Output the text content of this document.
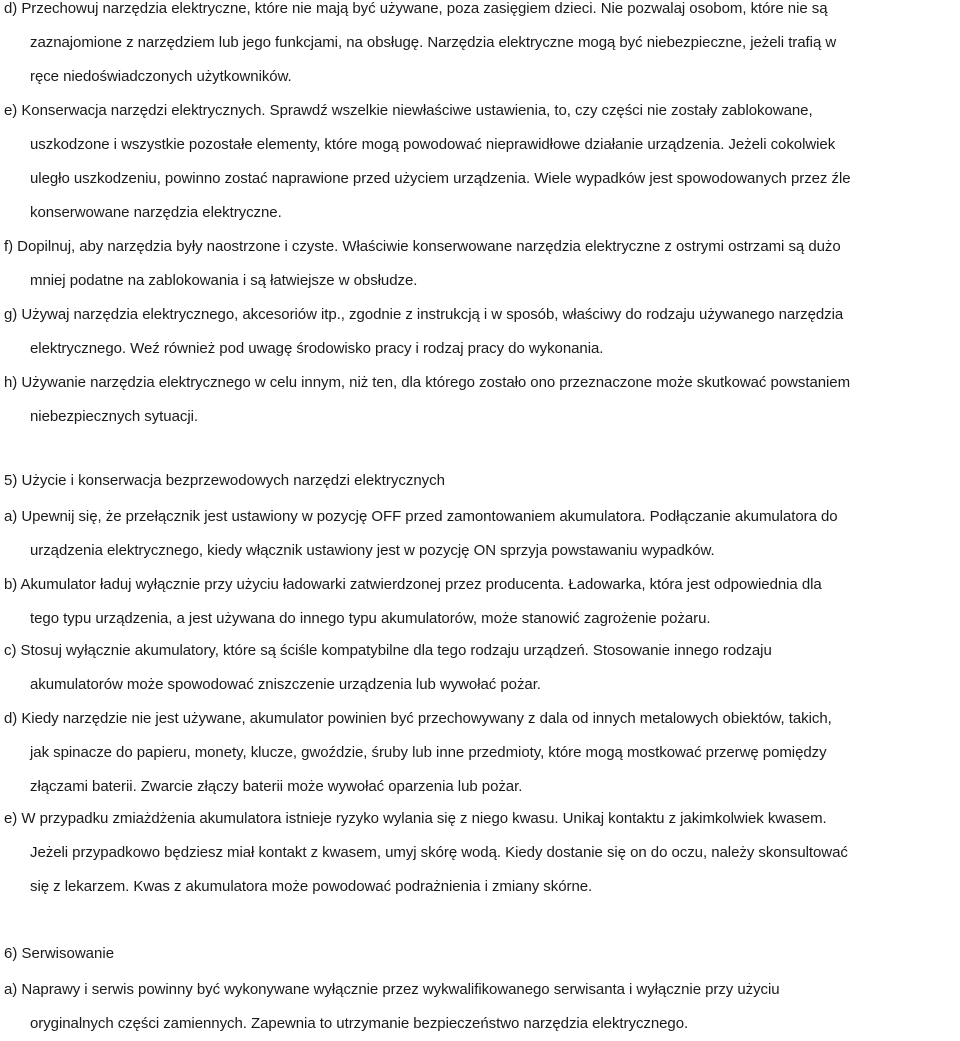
d) Przechowuj narzędzia elektryczne, które nie mają być używane, poza zasięgiem dzieci. Nie pozwalaj osobom, które nie są
zaznajomione z narzędziem lub jego funkcjami, na obsługę. Narzędzia elektryczne mogą być niebezpieczne, jeżeli trafią w
ręce niedoświadczonych użytkowników.

e) Konserwacja narzędzi elektrycznych. Sprawdź wszelkie niewłaściwe ustawienia, to, czy części nie zostały zablokowane,
uszkodzone i wszystkie pozostałe elementy, które mogą powodować nieprawidłowe działanie urządzenia. Jeżeli cokolwiek
uległo uszkodzeniu, powinno zostać naprawione przed użyciem urządzenia. Wiele wypadków jest spowodowanych przez źle
konserwowane narzędzia elektryczne.

f) Dopilnuj, aby narzędzia były naostrzone i czyste. Właściwie konserwowane narzędzia elektryczne z ostrymi ostrzami są dużo
mniej podatne na zablokowania i są łatwiejsze w obsłudze.

g) Używaj narzędzia elektrycznego, akcesoriów itp., zgodnie z instrukcją i w sposób, właściwy do rodzaju używanego narzędzia
elektrycznego. Weź również pod uwagę środowisko pracy i rodzaj pracy do wykonania.

h) Używanie narzędzia elektrycznego w celu innym, niż ten, dla którego zostało ono przeznaczone może skutkować powstaniem
niebezpiecznych sytuacji.

5) Użycie i konserwacja bezprzewodowych narzędzi elektrycznych

a) Upewnij się, że przełącznik jest ustawiony w pozycję OFF przed zamontowaniem akumulatora. Podłączanie akumulatora do
urządzenia elektrycznego, kiedy włącznik ustawiony jest w pozycję ON sprzyja powstawaniu wypadków.

b) Akumulator ładuj wyłącznie przy użyciu ładowarki zatwierdzonej przez producenta. Ładowarka, która jest odpowiednia dla
tego typu urządzenia, a jest używana do innego typu akumulatorów, może stanowić zagrożenie pożaru.

c) Stosuj wyłącznie akumulatory, które są ściśle kompatybilne dla tego rodzaju urządzeń. Stosowanie innego rodzaju
akumulatorów może spowodować zniszczenie urządzenia lub wywołać pożar.

d) Kiedy narzędzie nie jest używane, akumulator powinien być przechowywany z dala od innych metalowych obiektów, takich,
jak spinacze do papieru, monety, klucze, gwoździe, śruby lub inne przedmioty, które mogą mostkować przerwę pomiędzy
złączami baterii. Zwarcie złączy baterii może wywołać oparzenia lub pożar.

e) W przypadku zmiażdżenia akumulatora istnieje ryzyko wylania się z niego kwasu. Unikaj kontaktu z jakimkolwiek kwasem.
Jeżeli przypadkowo będziesz miał kontakt z kwasem, umyj skórę wodą. Kiedy dostanie się on do oczu, należy skonsultować
się z lekarzem. Kwas z akumulatora może powodować podrażnienia i zmiany skórne.

6) Serwisowanie

a) Naprawy i serwis powinny być wykonywane wyłącznie przez wykwalifikowanego serwisanta i wyłącznie przy użyciu
oryginalnych części zamiennych. Zapewnia to utrzymanie bezpieczeństwo narzędzia elektrycznego.
